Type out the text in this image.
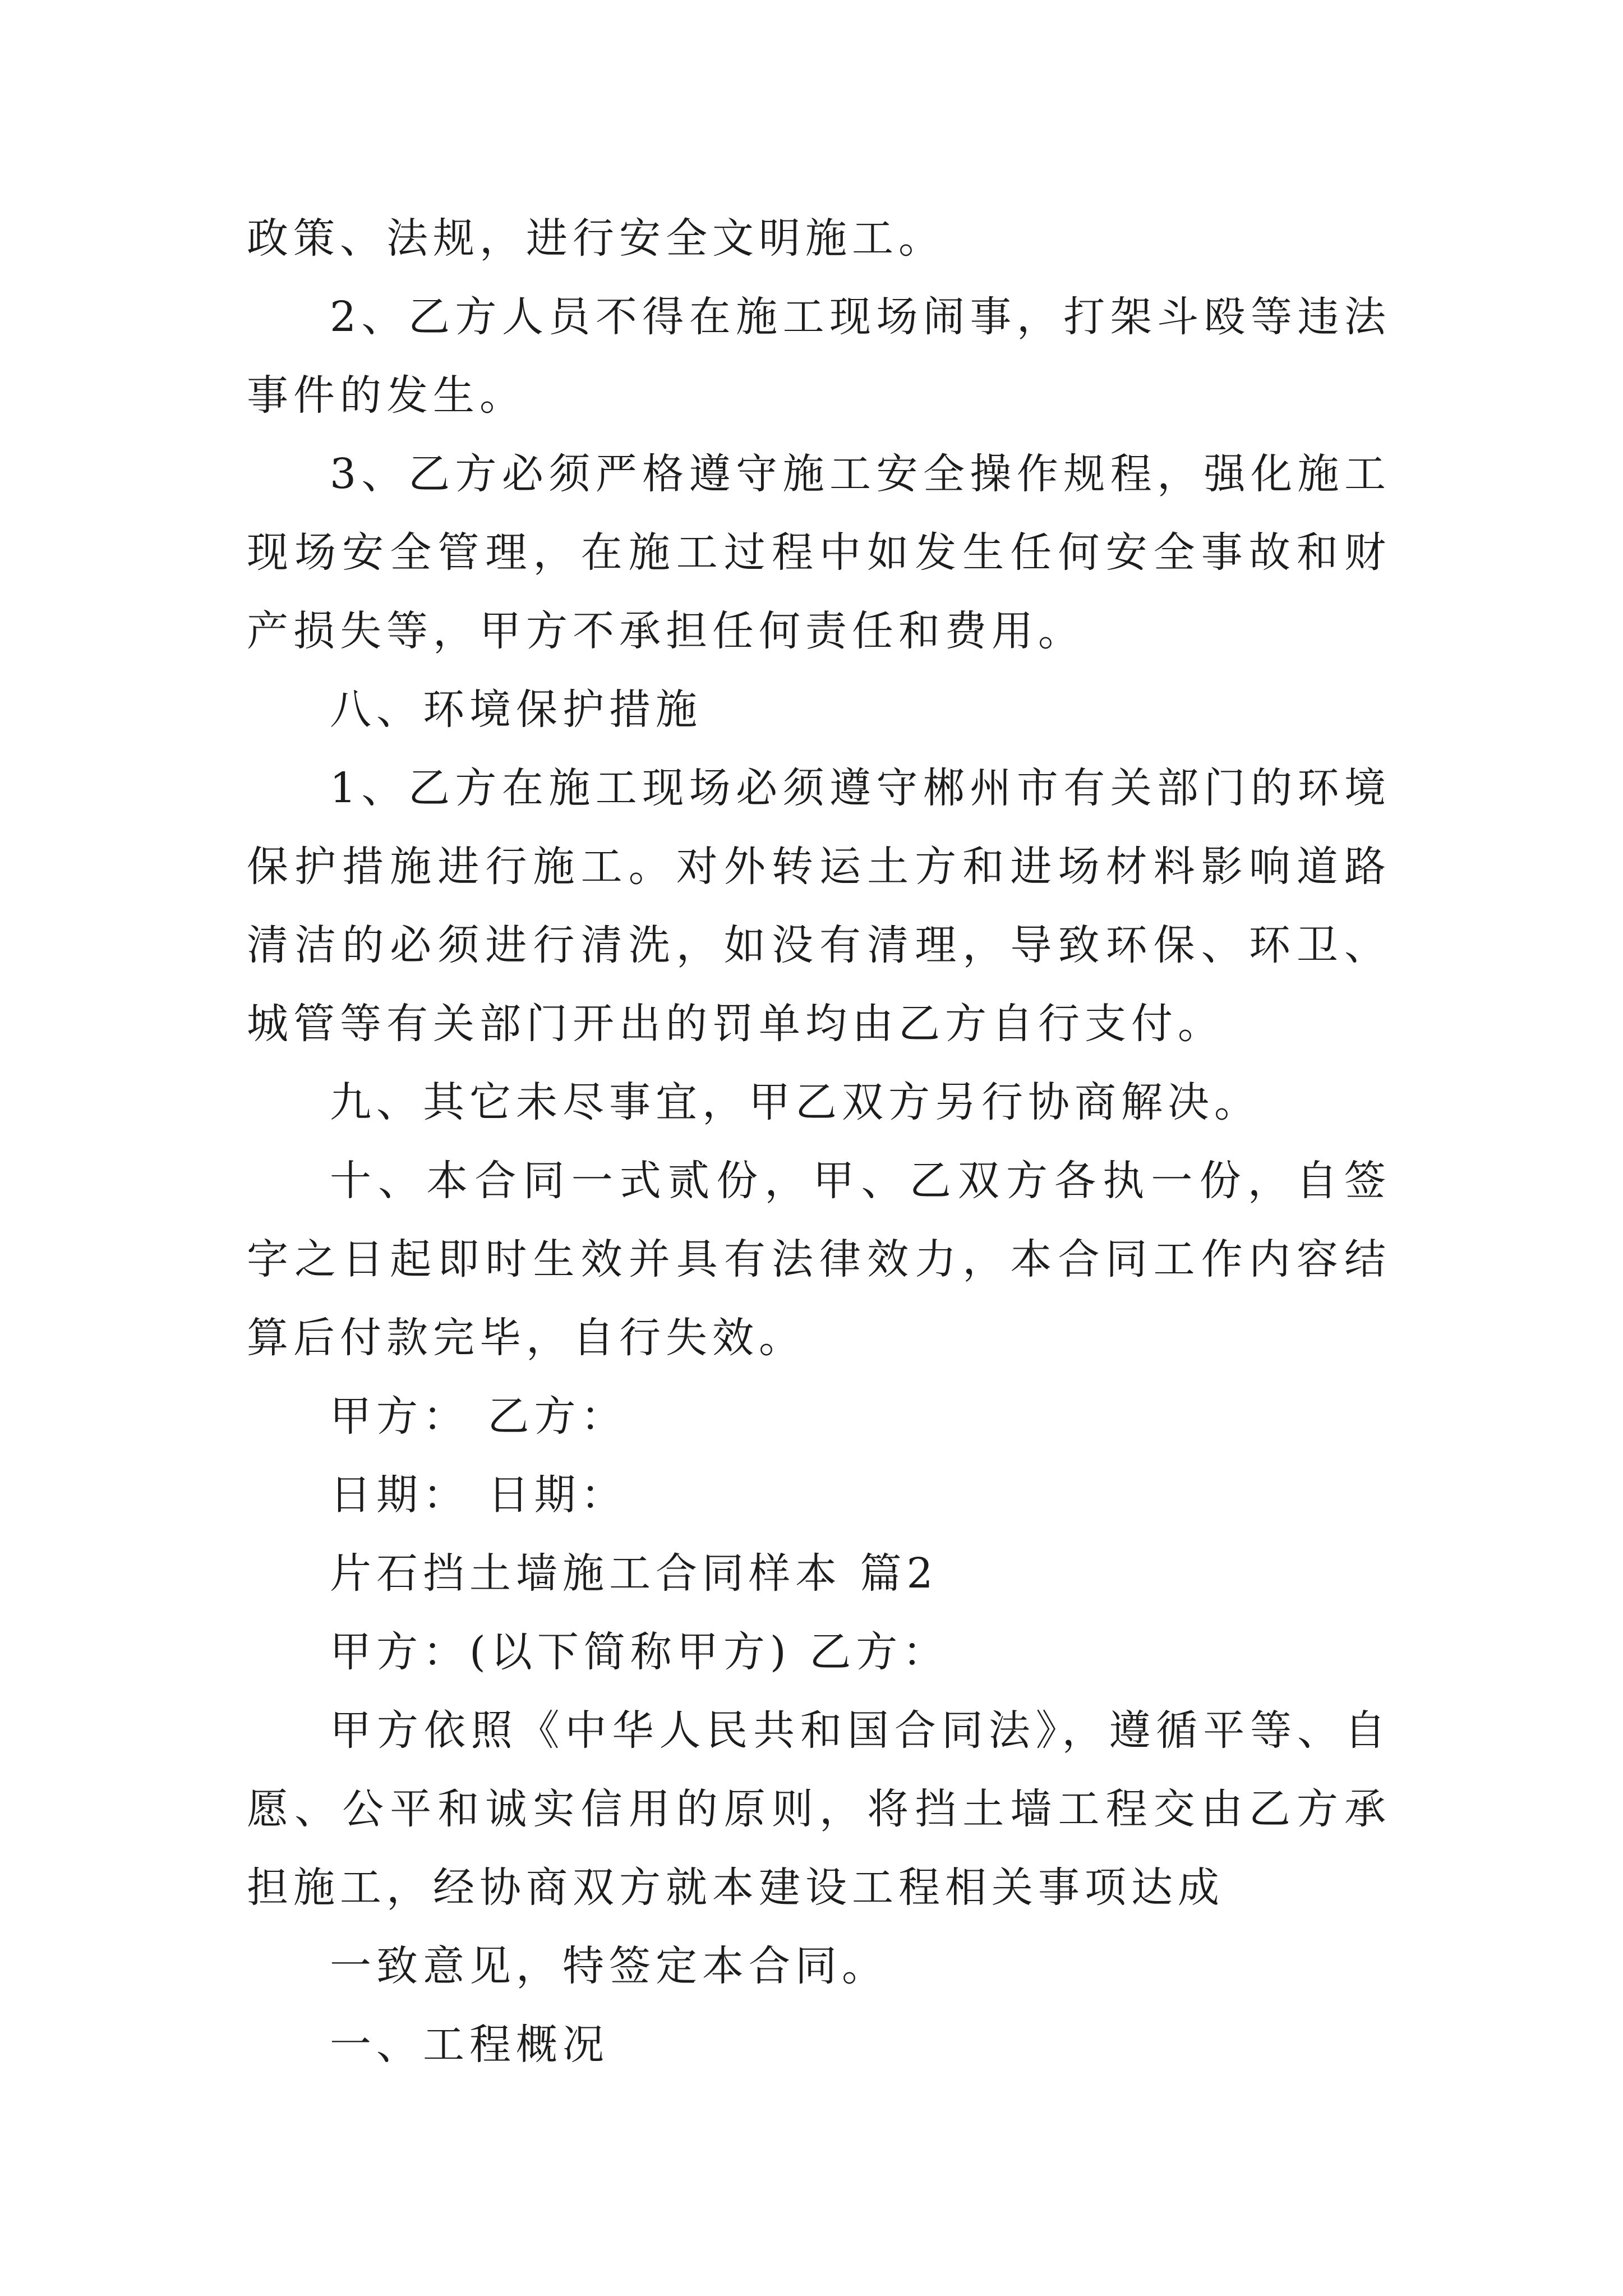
政策、法规，进行安全文明施工。

2、乙方人员不得在施工现场闹事，打架斗殴等违法事件的发生。

3、乙方必须严格遵守施工安全操作规程，强化施工现场安全管理，在施工过程中如发生任何安全事故和财产损失等，甲方不承担任何责任和费用。

八、环境保护措施

1、乙方在施工现场必须遵守郴州市有关部门的环境保护措施进行施工。对外转运土方和进场材料影响道路清洁的必须进行清洗，如没有清理，导致环保、环卫、城管等有关部门开出的罚单均由乙方自行支付。

九、其它未尽事宜，甲乙双方另行协商解决。

十、本合同一式贰份，甲、乙双方各执一份，自签字之日起即时生效并具有法律效力，本合同工作内容结算后付款完毕，自行失效。

甲方： 乙方：

日期： 日期：

片石挡土墙施工合同样本 篇2

甲方：(以下简称甲方) 乙方：

甲方依照《中华人民共和国合同法》，遵循平等、自愿、公平和诚实信用的原则，将挡土墙工程交由乙方承担施工，经协商双方就本建设工程相关事项达成

一致意见，特签定本合同。

一、工程概况
